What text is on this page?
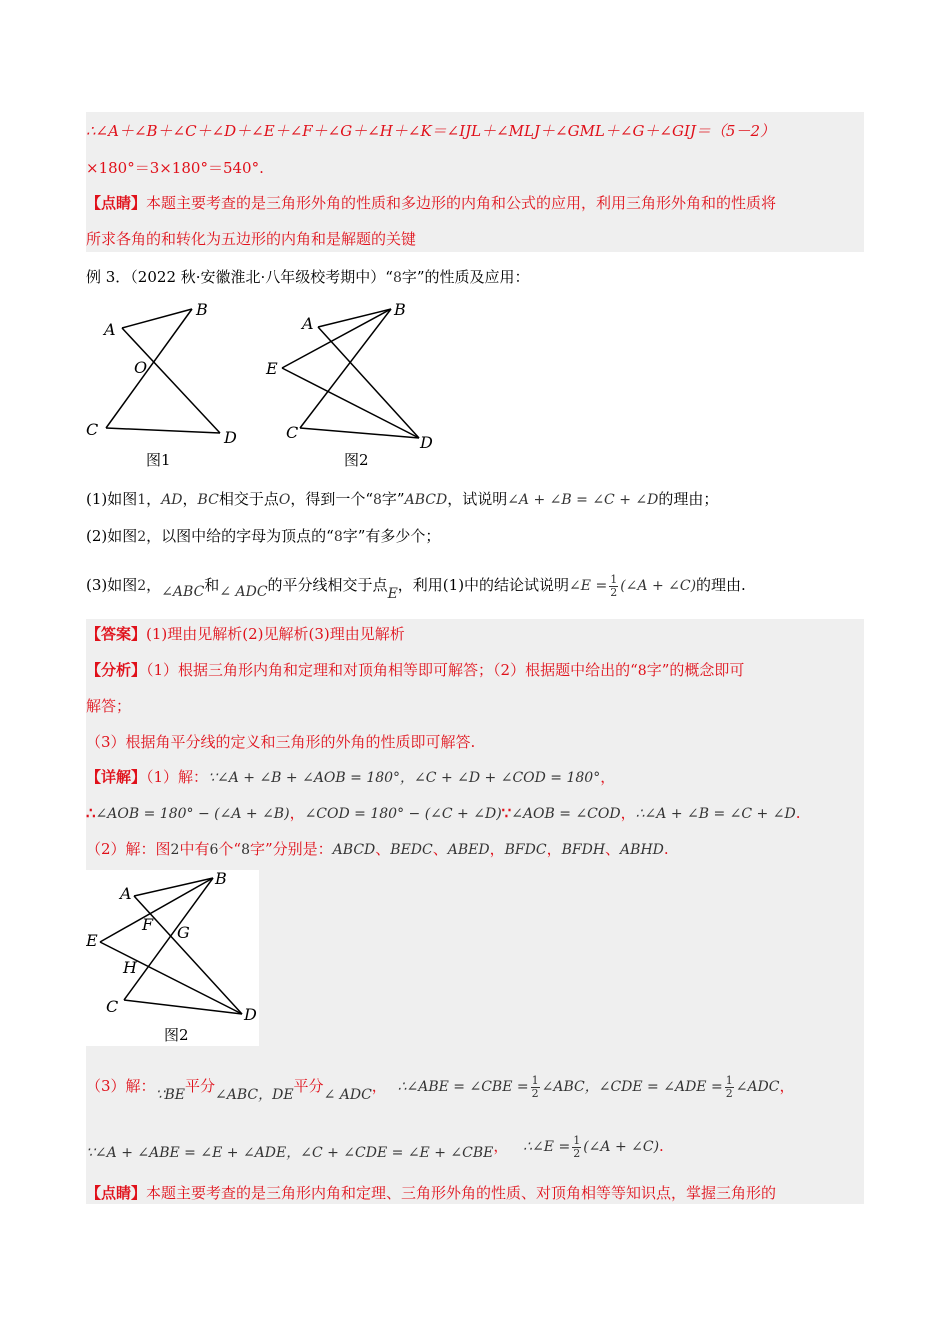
∴∠A＋∠B＋∠C＋∠D＋∠E＋∠F＋∠G＋∠H＋∠K＝∠IJL＋∠MLJ＋∠GML＋∠G＋∠GIJ＝（5－2）
×180°＝3×180°＝540°.
【点睛】本题主要考查的是三角形外角的性质和多边形的内角和公式的应用，利用三角形外角和的性质将
所求各角的和转化为五边形的内角和是解题的关键
例 3．（2022 秋·安徽淮北·八年级校考期中）“8字”的性质及应用：
A
B
O
C	D
图1
A
B
E
C
D
图2
(1)如图1，AD，BC相交于点O，得到一个“8字”ABCD，试说明∠A + ∠B = ∠C + ∠D的理由；
(2)如图2，以图中给的字母为顶点的“8字”有多少个；
(3)如图2，∠ABC和∠ ADC的平分线相交于点E，利用(1)中的结论试说明∠E = $\frac{1}{2}$ (∠A + ∠C)的理由.
【答案】(1)理由见解析(2)见解析(3)理由见解析
【分析】（1）根据三角形内角和定理和对顶角相等即可解答；（2）根据题中给出的“8字”的概念即可
解答；
（3）根据角平分线的定义和三角形的外角的性质即可解答.
【详解】（1）解：∵∠A + ∠B + ∠AOB = 180°，∠C + ∠D + ∠COD = 180°，
∴∠AOB = 180° − (∠A + ∠B)，∠COD = 180° − (∠C + ∠D)∵∠AOB = ∠COD，∴∠A + ∠B = ∠C + ∠D.
（2）解：图2中有6个“8字”分别是：ABCD、BEDC、ABED，BFDC，BFDH、ABHD.
A
B
F G
E
H
C	D
图2
（3）解：∵BE平分∠ABC，DE平分∠ ADC， ∴∠ABE = ∠CBE = $\frac{1}{2}$ ∠ABC，∠CDE = ∠ADE = $\frac{1}{2}$ ∠ADC，
∵∠A + ∠ABE = ∠E + ∠ADE，∠C + ∠CDE = ∠E + ∠CBE， ∴∠E = $\frac{1}{2}$ (∠A + ∠C).
【点睛】本题主要考查的是三角形内角和定理、三角形外角的性质、对顶角相等等知识点，掌握三角形的
